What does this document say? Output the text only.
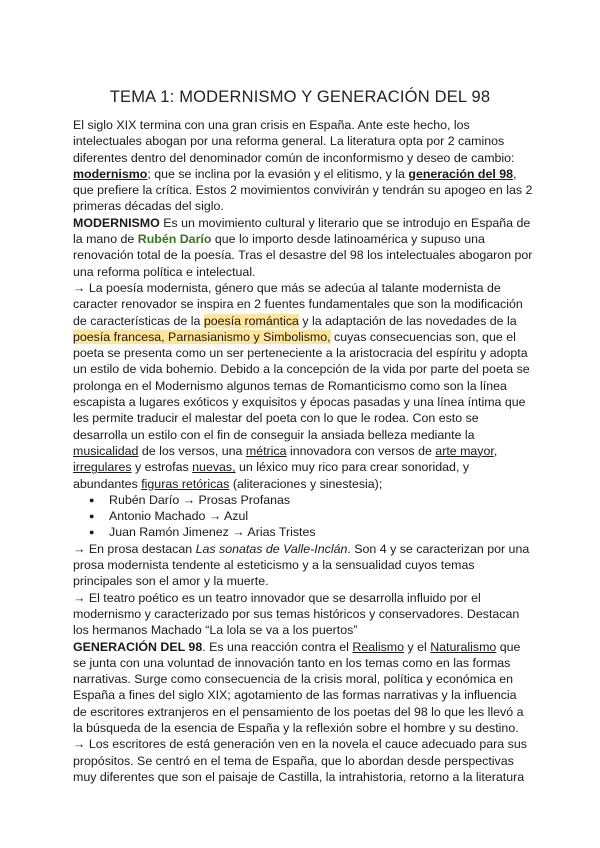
TEMA 1: MODERNISMO Y GENERACIÓN DEL 98

El siglo XIX termina con una gran crisis en España. Ante este hecho, los intelectuales abogan por una reforma general. La literatura opta por 2 caminos diferentes dentro del denominador común de inconformismo y deseo de cambio: modernismo; que se inclina por la evasión y el elitismo, y la generación del 98, que prefiere la crítica. Estos 2 movimientos convivirán y tendrán su apogeo en las 2 primeras décadas del siglo.

MODERNISMO Es un movimiento cultural y literario que se introdujo en España de la mano de Rubén Darío que lo importo desde latinoamérica y supuso una renovación total de la poesía. Tras el desastre del 98 los intelectuales abogaron por una reforma política e intelectual.

→ La poesía modernista, género que más se adecúa al talante modernista de caracter renovador se inspira en 2 fuentes fundamentales que son la modificación de características de la poesía romántica y la adaptación de las novedades de la poesía francesa, Parnasianismo y Simbolismo, cuyas consecuencias son, que el poeta se presenta como un ser perteneciente a la aristocracia del espíritu y adopta un estilo de vida bohemio. Debido a la concepción de la vida por parte del poeta se prolonga en el Modernismo algunos temas de Romanticismo como son la línea escapista a lugares exóticos y exquisitos y épocas pasadas y una línea íntima que les permite traducir el malestar del poeta con lo que le rodea. Con esto se desarrolla un estilo con el fin de conseguir la ansiada belleza mediante la musicalidad de los versos, una métrica innovadora con versos de arte mayor, irregulares y estrofas nuevas, un léxico muy rico para crear sonoridad, y abundantes figuras retóricas (aliteraciones y sinestesia);

● Rubén Darío → Prosas Profanas
● Antonio Machado → Azul
● Juan Ramón Jimenez → Arias Tristes

→ En prosa destacan Las sonatas de Valle-Inclán. Son 4 y se caracterizan por una prosa modernista tendente al esteticismo y a la sensualidad cuyos temas principales son el amor y la muerte.

→ El teatro poético es un teatro innovador que se desarrolla influido por el modernismo y caracterizado por sus temas históricos y conservadores. Destacan los hermanos Machado “La lola se va a los puertos”

GENERACIÓN DEL 98. Es una reacción contra el Realismo y el Naturalismo que se junta con una voluntad de innovación tanto en los temas como en las formas narrativas. Surge como consecuencia de la crisis moral, política y económica en España a fines del siglo XIX; agotamiento de las formas narrativas y la influencia de escritores extranjeros en el pensamiento de los poetas del 98 lo que les llevó a la búsqueda de la esencia de España y la reflexión sobre el hombre y su destino.

→ Los escritores de está generación ven en la novela el cauce adecuado para sus propósitos. Se centró en el tema de España, que lo abordan desde perspectivas muy diferentes que son el paisaje de Castilla, la intrahistoria, retorno a la literatura
